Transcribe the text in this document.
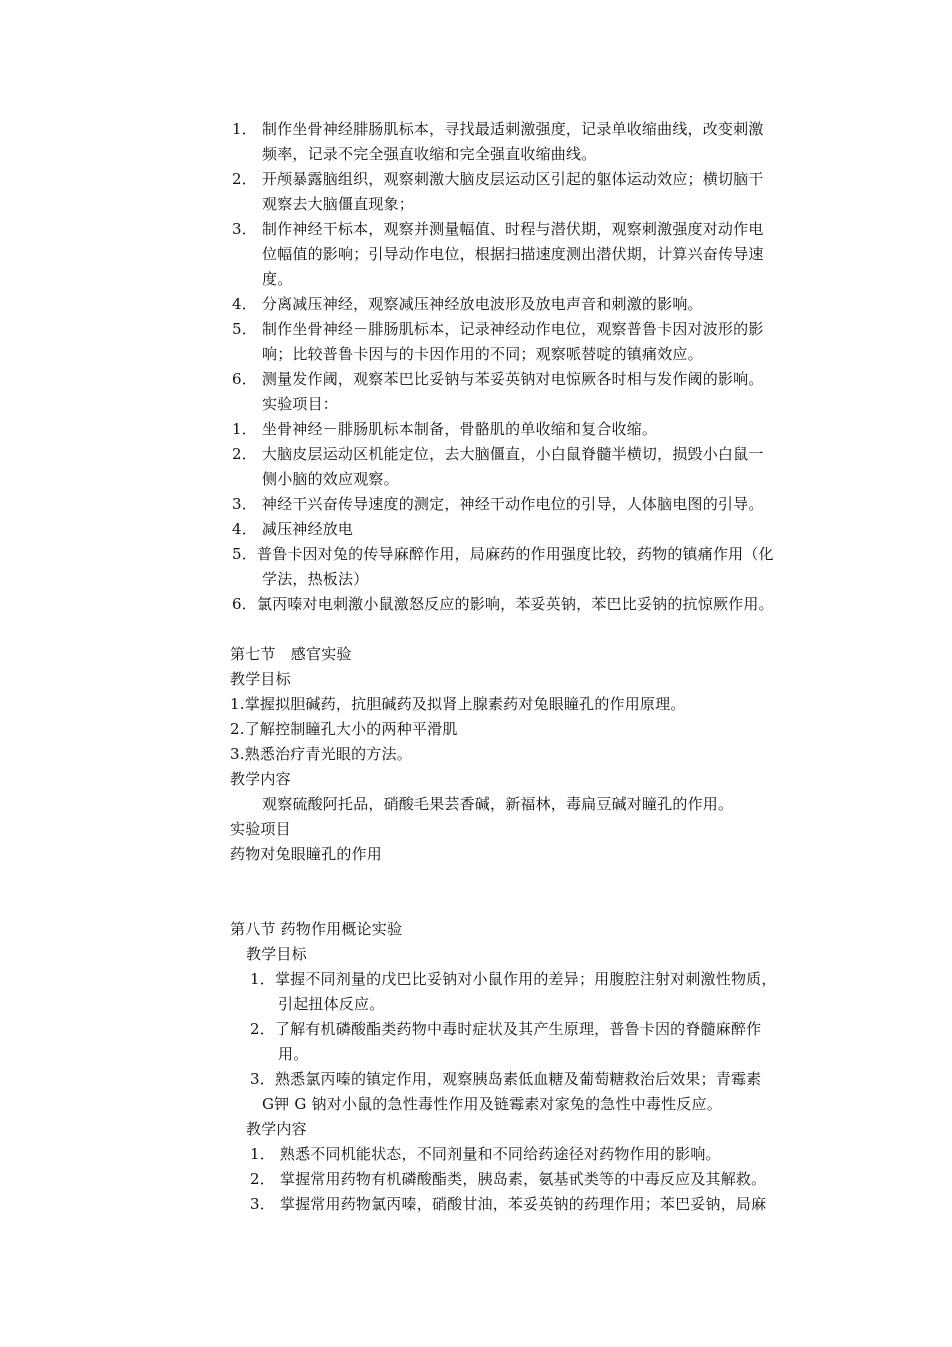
1． 制作坐骨神经腓肠肌标本，寻找最适刺激强度，记录单收缩曲线，改变刺激
频率，记录不完全强直收缩和完全强直收缩曲线。
2． 开颅暴露脑组织，观察刺激大脑皮层运动区引起的躯体运动效应；横切脑干
观察去大脑僵直现象；
3． 制作神经干标本，观察并测量幅值、时程与潜伏期，观察刺激强度对动作电
位幅值的影响；引导动作电位，根据扫描速度测出潜伏期，计算兴奋传导速
度。
4． 分离减压神经，观察减压神经放电波形及放电声音和刺激的影响。
5． 制作坐骨神经－腓肠肌标本，记录神经动作电位，观察普鲁卡因对波形的影
响；比较普鲁卡因与的卡因作用的不同；观察哌替啶的镇痛效应。
6． 测量发作阈，观察苯巴比妥钠与苯妥英钠对电惊厥各时相与发作阈的影响。
实验项目：
1． 坐骨神经－腓肠肌标本制备，骨骼肌的单收缩和复合收缩。
2． 大脑皮层运动区机能定位，去大脑僵直，小白鼠脊髓半横切，损毁小白鼠一
侧小脑的效应观察。
3． 神经干兴奋传导速度的测定，神经干动作电位的引导，人体脑电图的引导。
4． 减压神经放电
5．普鲁卡因对兔的传导麻醉作用，局麻药的作用强度比较，药物的镇痛作用（化
学法，热板法）
6．氯丙嗪对电刺激小鼠激怒反应的影响，苯妥英钠，苯巴比妥钠的抗惊厥作用。
第七节　感官实验
教学目标
1.掌握拟胆碱药，抗胆碱药及拟肾上腺素药对兔眼瞳孔的作用原理。
2.了解控制瞳孔大小的两种平滑肌
3.熟悉治疗青光眼的方法。
教学内容
观察硫酸阿托品，硝酸毛果芸香碱，新福林，毒扁豆碱对瞳孔的作用。
实验项目
药物对兔眼瞳孔的作用
第八节 药物作用概论实验
教学目标
1．掌握不同剂量的戊巴比妥钠对小鼠作用的差异；用腹腔注射对刺激性物质，
引起扭体反应。
2．了解有机磷酸酯类药物中毒时症状及其产生原理，普鲁卡因的脊髓麻醉作
用。
3．熟悉氯丙嗪的镇定作用，观察胰岛素低血糖及葡萄糖救治后效果；青霉素
G钾 G 钠对小鼠的急性毒性作用及链霉素对家兔的急性中毒性反应。
教学内容
1． 熟悉不同机能状态，不同剂量和不同给药途径对药物作用的影响。
2． 掌握常用药物有机磷酸酯类，胰岛素，氨基甙类等的中毒反应及其解救。
3． 掌握常用药物氯丙嗪，硝酸甘油，苯妥英钠的药理作用；苯巴妥钠，局麻
